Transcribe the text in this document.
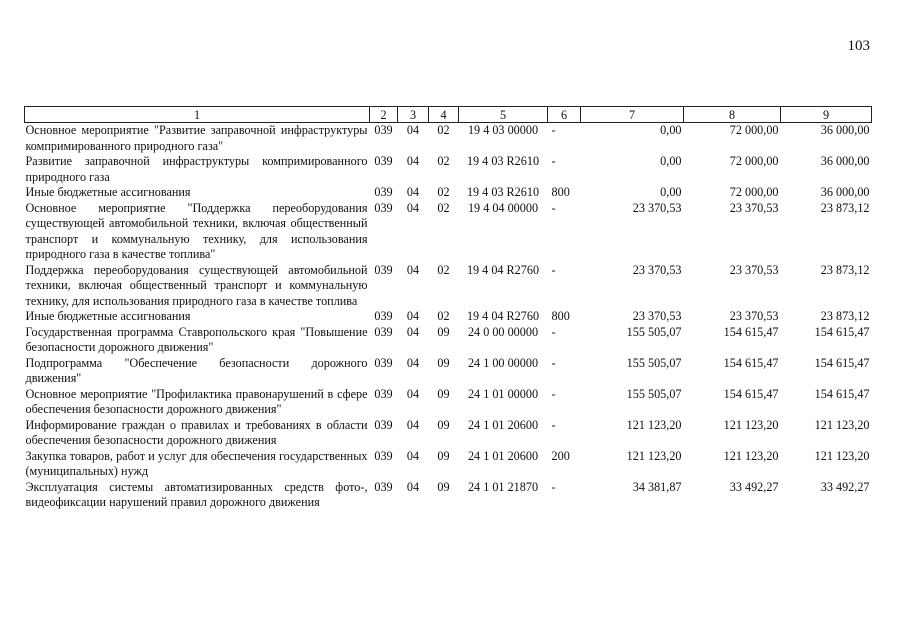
103
1	2	3	4	5	6	7	8	9
Основное мероприятие "Развитие заправочной инфраструктуры компримированного природного газа"	039	04	02	19 4 03 00000	-	0,00	72 000,00	36 000,00
Развитие заправочной инфраструктуры компримированного природного газа	039	04	02	19 4 03 R2610	-	0,00	72 000,00	36 000,00
Иные бюджетные ассигнования	039	04	02	19 4 03 R2610	800	0,00	72 000,00	36 000,00
Основное мероприятие "Поддержка переоборудования существующей автомобильной техники, включая общественный транспорт и коммунальную технику, для использования природного газа в качестве топлива"	039	04	02	19 4 04 00000	-	23 370,53	23 370,53	23 873,12
Поддержка переоборудования существующей автомобильной техники, включая общественный транспорт и коммунальную технику, для использования природного газа в качестве топлива	039	04	02	19 4 04 R2760	-	23 370,53	23 370,53	23 873,12
Иные бюджетные ассигнования	039	04	02	19 4 04 R2760	800	23 370,53	23 370,53	23 873,12
Государственная программа Ставропольского края "Повышение безопасности дорожного движения"	039	04	09	24 0 00 00000	-	155 505,07	154 615,47	154 615,47
Подпрограмма "Обеспечение безопасности дорожного движения"	039	04	09	24 1 00 00000	-	155 505,07	154 615,47	154 615,47
Основное мероприятие "Профилактика правонарушений в сфере обеспечения безопасности дорожного движения"	039	04	09	24 1 01 00000	-	155 505,07	154 615,47	154 615,47
Информирование граждан о правилах и требованиях в области обеспечения безопасности дорожного движения	039	04	09	24 1 01 20600	-	121 123,20	121 123,20	121 123,20
Закупка товаров, работ и услуг для обеспечения государственных (муниципальных) нужд	039	04	09	24 1 01 20600	200	121 123,20	121 123,20	121 123,20
Эксплуатация системы автоматизированных средств фото-, видеофиксации нарушений правил дорожного движения	039	04	09	24 1 01 21870	-	34 381,87	33 492,27	33 492,27
